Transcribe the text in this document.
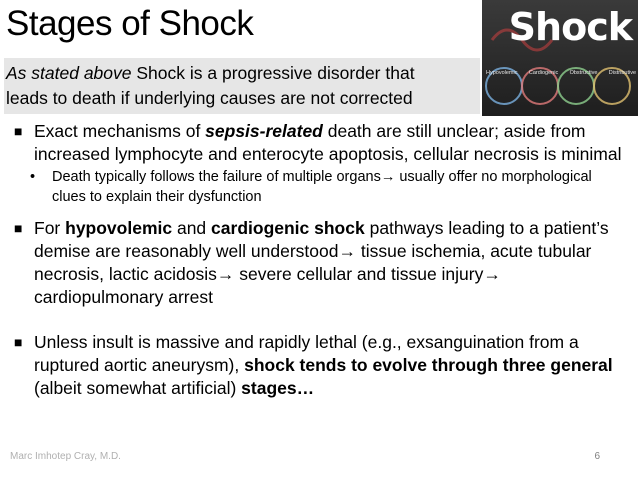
Stages of Shock
As stated above Shock is a progressive disorder that
leads to death if underlying causes are not corrected
Shock
Hypovolemic Cardiogenic Obstructive Distributive
■ Exact mechanisms of sepsis-related death are still unclear; aside from increased lymphocyte and enterocyte apoptosis, cellular necrosis is minimal
• Death typically follows the failure of multiple organs→ usually offer no morphological clues to explain their dysfunction
■ For hypovolemic and cardiogenic shock pathways leading to a patient’s demise are reasonably well understood→ tissue ischemia, acute tubular necrosis, lactic acidosis→ severe cellular and tissue injury→ cardiopulmonary arrest
■ Unless insult is massive and rapidly lethal (e.g., exsanguination from a ruptured aortic aneurysm), shock tends to evolve through three general (albeit somewhat artificial) stages…
Marc Imhotep Cray, M.D.	6
